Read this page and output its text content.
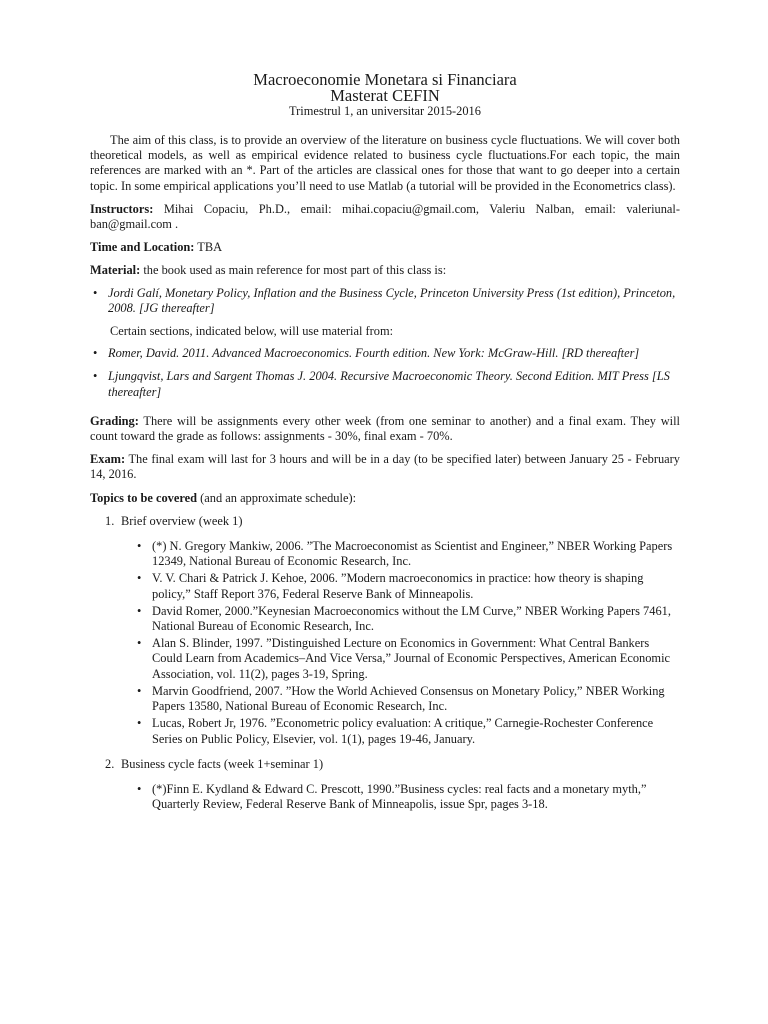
Macroeconomie Monetara si Financiara
Masterat CEFIN
Trimestrul 1, an universitar 2015-2016

The aim of this class, is to provide an overview of the literature on business cycle fluctuations. We will cover both theoretical models, as well as empirical evidence related to business cycle fluctuations.For each topic, the main references are marked with an *. Part of the articles are classical ones for those that want to go deeper into a certain topic. In some empirical applications you’ll need to use Matlab (a tutorial will be provided in the Econometrics class).

Instructors: Mihai Copaciu, Ph.D., email: mihai.copaciu@gmail.com, Valeriu Nalban, email: valeriunal-ban@gmail.com .

Time and Location: TBA

Material: the book used as main reference for most part of this class is:

• Jordi Galí, Monetary Policy, Inflation and the Business Cycle, Princeton University Press (1st edition), Princeton, 2008. [JG thereafter]

Certain sections, indicated below, will use material from:

• Romer, David. 2011. Advanced Macroeconomics. Fourth edition. New York: McGraw-Hill. [RD thereafter]
• Ljungqvist, Lars and Sargent Thomas J. 2004. Recursive Macroeconomic Theory. Second Edition. MIT Press [LS thereafter]

Grading: There will be assignments every other week (from one seminar to another) and a final exam. They will count toward the grade as follows: assignments - 30%, final exam - 70%.

Exam: The final exam will last for 3 hours and will be in a day (to be specified later) between January 25 - February 14, 2016.

Topics to be covered (and an approximate schedule):

1. Brief overview (week 1)
• (*) N. Gregory Mankiw, 2006. ”The Macroeconomist as Scientist and Engineer,” NBER Working Papers 12349, National Bureau of Economic Research, Inc.
• V. V. Chari & Patrick J. Kehoe, 2006. ”Modern macroeconomics in practice: how theory is shaping policy,” Staff Report 376, Federal Reserve Bank of Minneapolis.
• David Romer, 2000.”Keynesian Macroeconomics without the LM Curve,” NBER Working Papers 7461, National Bureau of Economic Research, Inc.
• Alan S. Blinder, 1997. ”Distinguished Lecture on Economics in Government: What Central Bankers Could Learn from Academics–And Vice Versa,” Journal of Economic Perspectives, American Economic Association, vol. 11(2), pages 3-19, Spring.
• Marvin Goodfriend, 2007. ”How the World Achieved Consensus on Monetary Policy,” NBER Working Papers 13580, National Bureau of Economic Research, Inc.
• Lucas, Robert Jr, 1976. ”Econometric policy evaluation: A critique,” Carnegie-Rochester Conference Series on Public Policy, Elsevier, vol. 1(1), pages 19-46, January.
2. Business cycle facts (week 1+seminar 1)
• (*)Finn E. Kydland & Edward C. Prescott, 1990.”Business cycles: real facts and a monetary myth,” Quarterly Review, Federal Reserve Bank of Minneapolis, issue Spr, pages 3-18.
